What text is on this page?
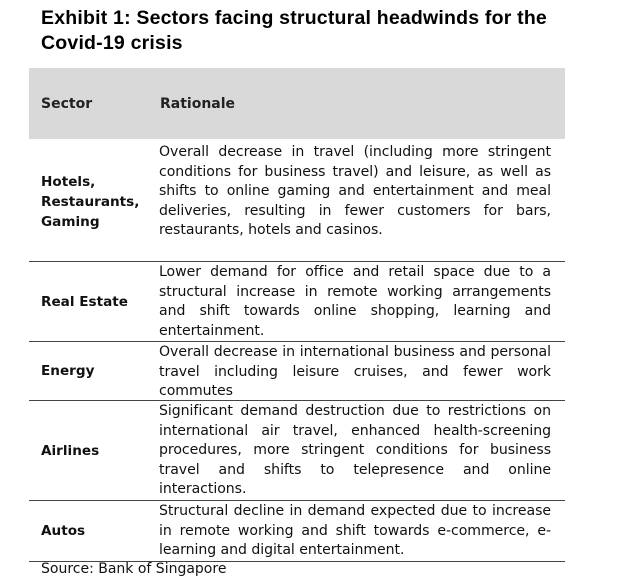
Exhibit 1: Sectors facing structural headwinds for the Covid-19 crisis
Sector	Rationale
Hotels, Restaurants, Gaming
Overall decrease in travel (including more stringent conditions for business travel) and leisure, as well as shifts to online gaming and entertainment and meal deliveries, resulting in fewer customers for bars, restaurants, hotels and casinos.
Real Estate
Lower demand for office and retail space due to a structural increase in remote working arrangements and shift towards online shopping, learning and entertainment.
Energy
Overall decrease in international business and personal travel including leisure cruises, and fewer work commutes
Airlines
Significant demand destruction due to restrictions on international air travel, enhanced health-screening procedures, more stringent conditions for business travel and shifts to telepresence and online interactions.
Autos
Structural decline in demand expected due to increase in remote working and shift towards e-commerce, e-learning and digital entertainment.
Source: Bank of Singapore
